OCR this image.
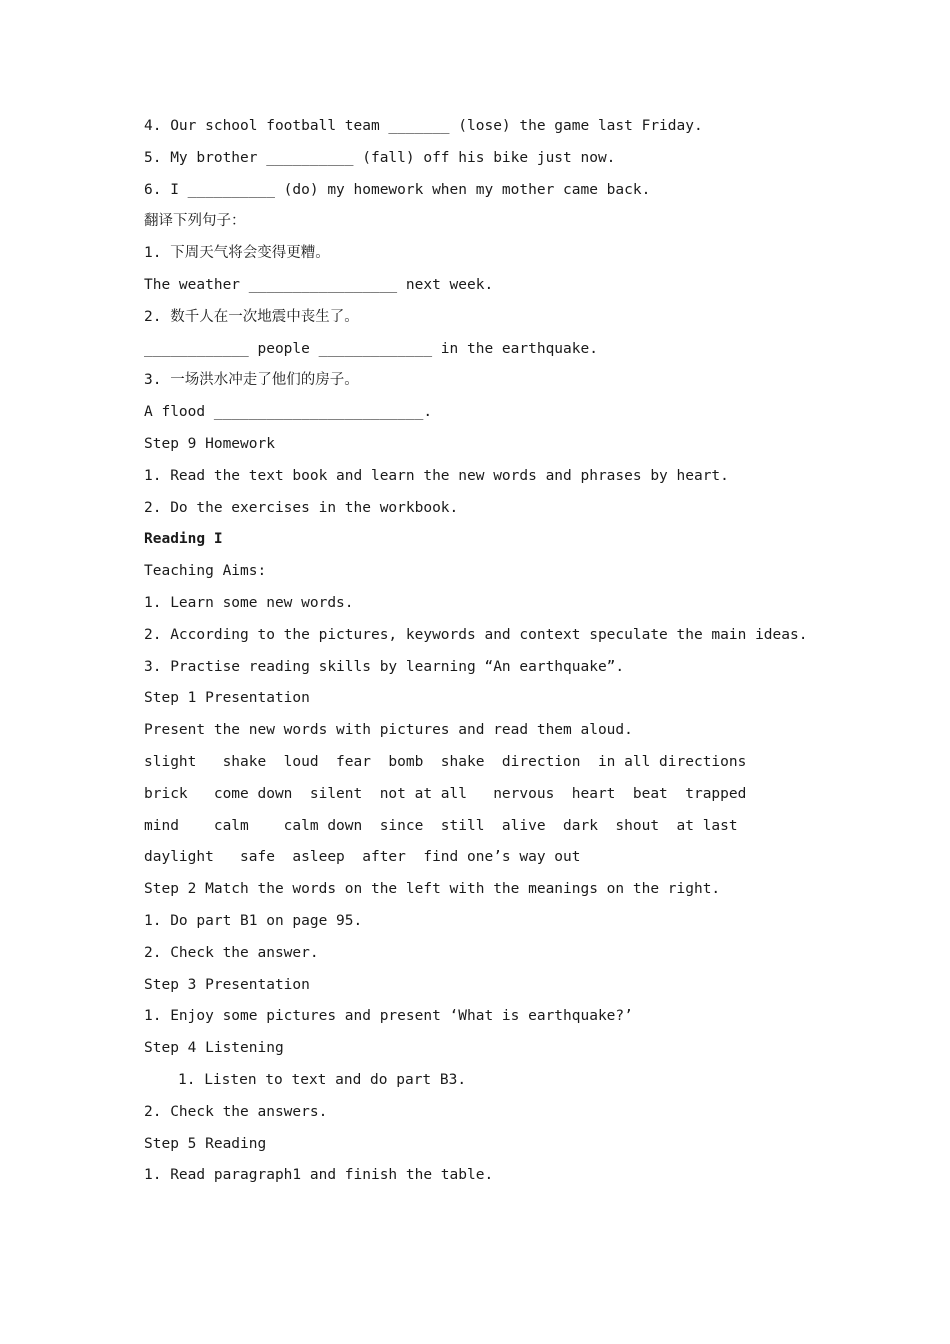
4. Our school football team _______ (lose) the game last Friday.
5. My brother __________ (fall) off his bike just now.
6. I __________ (do) my homework when my mother came back.
翻译下列句子：
1. 下周天气将会变得更糟。
The weather _________________ next week.
2. 数千人在一次地震中丧生了。
____________ people _____________ in the earthquake.
3. 一场洪水冲走了他们的房子。
A flood ________________________.
Step 9 Homework
1. Read the text book and learn the new words and phrases by heart.
2. Do the exercises in the workbook.
Reading I
Teaching Aims:
1. Learn some new words.
2. According to the pictures, keywords and context speculate the main ideas.
3. Practise reading skills by learning “An earthquake”.
Step 1 Presentation
Present the new words with pictures and read them aloud.
slight   shake  loud  fear  bomb  shake  direction  in all directions
brick   come down  silent  not at all   nervous  heart  beat  trapped
mind    calm    calm down  since  still  alive  dark  shout  at last
daylight   safe  asleep  after  find one’s way out
Step 2 Match the words on the left with the meanings on the right.
1. Do part B1 on page 95.
2. Check the answer.
Step 3 Presentation
1. Enjoy some pictures and present ‘What is earthquake?’
Step 4 Listening
1. Listen to text and do part B3.
2. Check the answers.
Step 5 Reading
1. Read paragraph1 and finish the table.
